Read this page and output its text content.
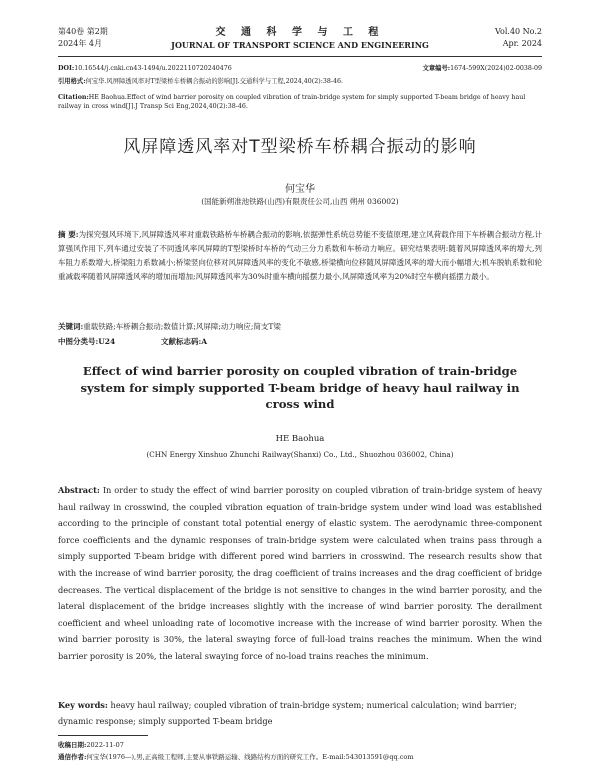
第40卷 第2期
2024年 4月
交 通 科 学 与 工 程
JOURNAL OF TRANSPORT SCIENCE AND ENGINEERING
Vol.40 No.2
Apr. 2024
DOI:10.16544/j.cnki.cn43-1494/u.2022110720240476	文章编号:1674-599X(2024)02-0038-09
引用格式:何宝华.风屏障透风率对T型梁桥车桥耦合振动的影响[J].交通科学与工程,2024,40(2):38-46.
Citation:HE Baohua.Effect of wind barrier porosity on coupled vibration of train-bridge system for simply supported T-beam bridge of heavy haul
railway in cross wind[J].J Transp Sci Eng,2024,40(2):38-46.
风屏障透风率对T型梁桥车桥耦合振动的影响
何宝华
(国能新朔准池铁路(山西)有限责任公司,山西 朔州 036002)
摘 要:为探究强风环境下,风屏障透风率对重载铁路桥车桥耦合振动的影响,依据弹性系统总势能不变值原理,建立风荷载作用下车桥耦合振动方程,计算强风作用下,列车通过安装了不同透风率风屏障的T型梁桥时车桥的气动三分力系数和车桥动力响应。研究结果表明:随着风屏障透风率的增大,列车阻力系数增大,桥梁阻力系数减小;桥梁竖向位移对风屏障透风率的变化不敏感,桥梁横向位移随风屏障透风率的增大而小幅增大;机车脱轨系数和轮重减载率随着风屏障透风率的增加而增加;风屏障透风率为30%时重车横向摇摆力最小,风屏障透风率为20%时空车横向摇摆力最小。
关键词:重载铁路;车桥耦合振动;数值计算;风屏障;动力响应;简支T梁
中图分类号:U24	文献标志码:A
Effect of wind barrier porosity on coupled vibration of train-bridge
system for simply supported T-beam bridge of heavy haul railway in
cross wind
HE Baohua
(CHN Energy Xinshuo Zhunchi Railway(Shanxi) Co., Ltd., Shuozhou 036002, China)
Abstract: In order to study the effect of wind barrier porosity on coupled vibration of train-bridge system of heavy haul railway in crosswind, the coupled vibration equation of train-bridge system under wind load was established according to the principle of constant total potential energy of elastic system. The aerodynamic three-component force coefficients and the dynamic responses of train-bridge system were calculated when trains pass through a simply supported T-beam bridge with different pored wind barriers in crosswind. The research results show that with the increase of wind barrier porosity, the drag coefficient of trains increases and the drag coefficient of bridge decreases. The vertical displacement of the bridge is not sensitive to changes in the wind barrier porosity, and the lateral displacement of the bridge increases slightly with the increase of wind barrier porosity. The derailment coefficient and wheel unloading rate of locomotive increase with the increase of wind barrier porosity. When the wind barrier porosity is 30%, the lateral swaying force of full-load trains reaches the minimum. When the wind barrier porosity is 20%, the lateral swaying force of no-load trains reaches the minimum.
Key words: heavy haul railway; coupled vibration of train-bridge system; numerical calculation; wind barrier; dynamic response; simply supported T-beam bridge
收稿日期:2022-11-07
通信作者:何宝华(1976—),男,正高级工程师,主要从事铁路运输、线路结构方面的研究工作。E-mail:543013591@qq.com
